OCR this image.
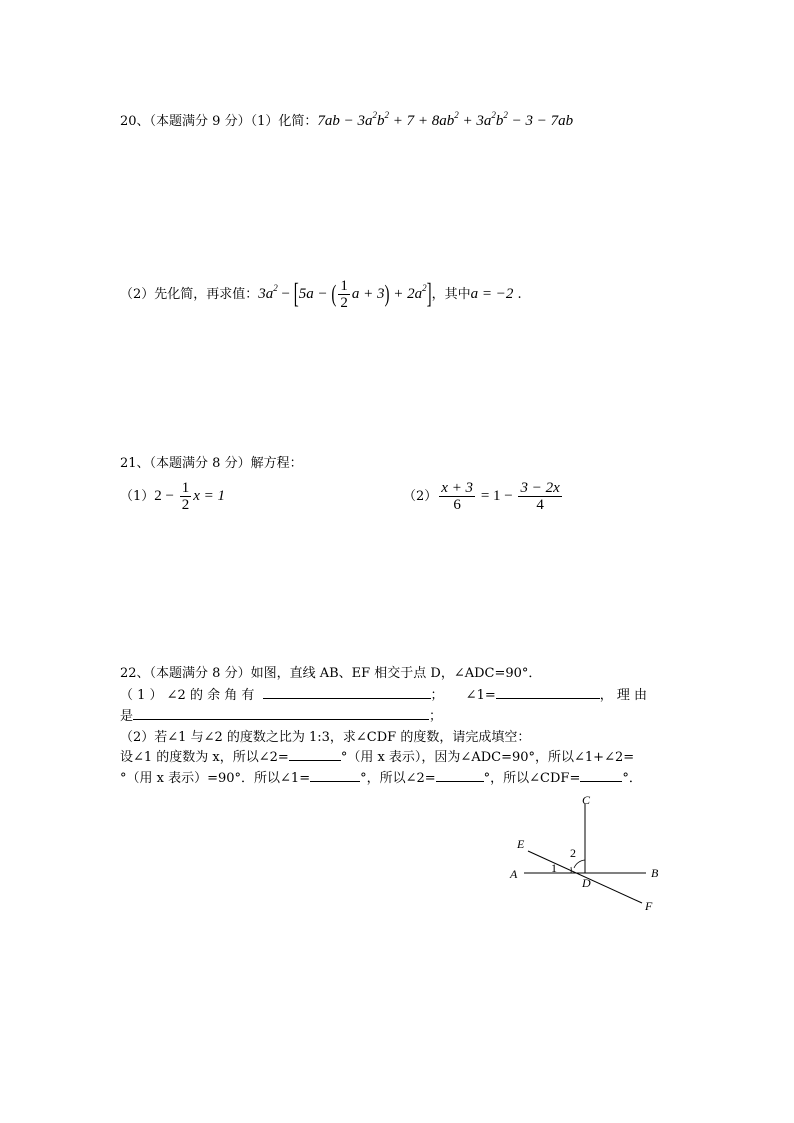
20、（本题满分 9 分）（1）化简：$7ab - 3a^2b^2 + 7 + 8ab^2 + 3a^2b^2 - 3 - 7ab$
（2）先化简，再求值：$3a^2 - [5a$ − ( $\frac{1}{2}$ $a + 3) + 2a^2$]，其中a = −2 .
21、（本题满分 8 分）解方程：
$(1)2 - \frac{1}{2}$ x = 1	$(2) \frac{x + 3}{6} = 1 - \frac{3 - 2x}{4}$
22、（本题满分 8 分）如图，直线 AB、EF 相交于点 D，∠ADC=90°．
（ 1 ） ∠2 的 余 角 有	； ∠1=	， 理 由
是	；
（2）若∠1 与∠2 的度数之比为 1:3，求∠CDF 的度数，请完成填空：
设∠1 的度数为 x，所以∠2=	°（用 x 表示），因为∠ADC=90°，所以∠1+∠2=
°（用 x 表示）=90°．所以∠1=	°，所以∠2=	°，所以∠CDF=	°．
C
E
A	B
D
F
1
2
